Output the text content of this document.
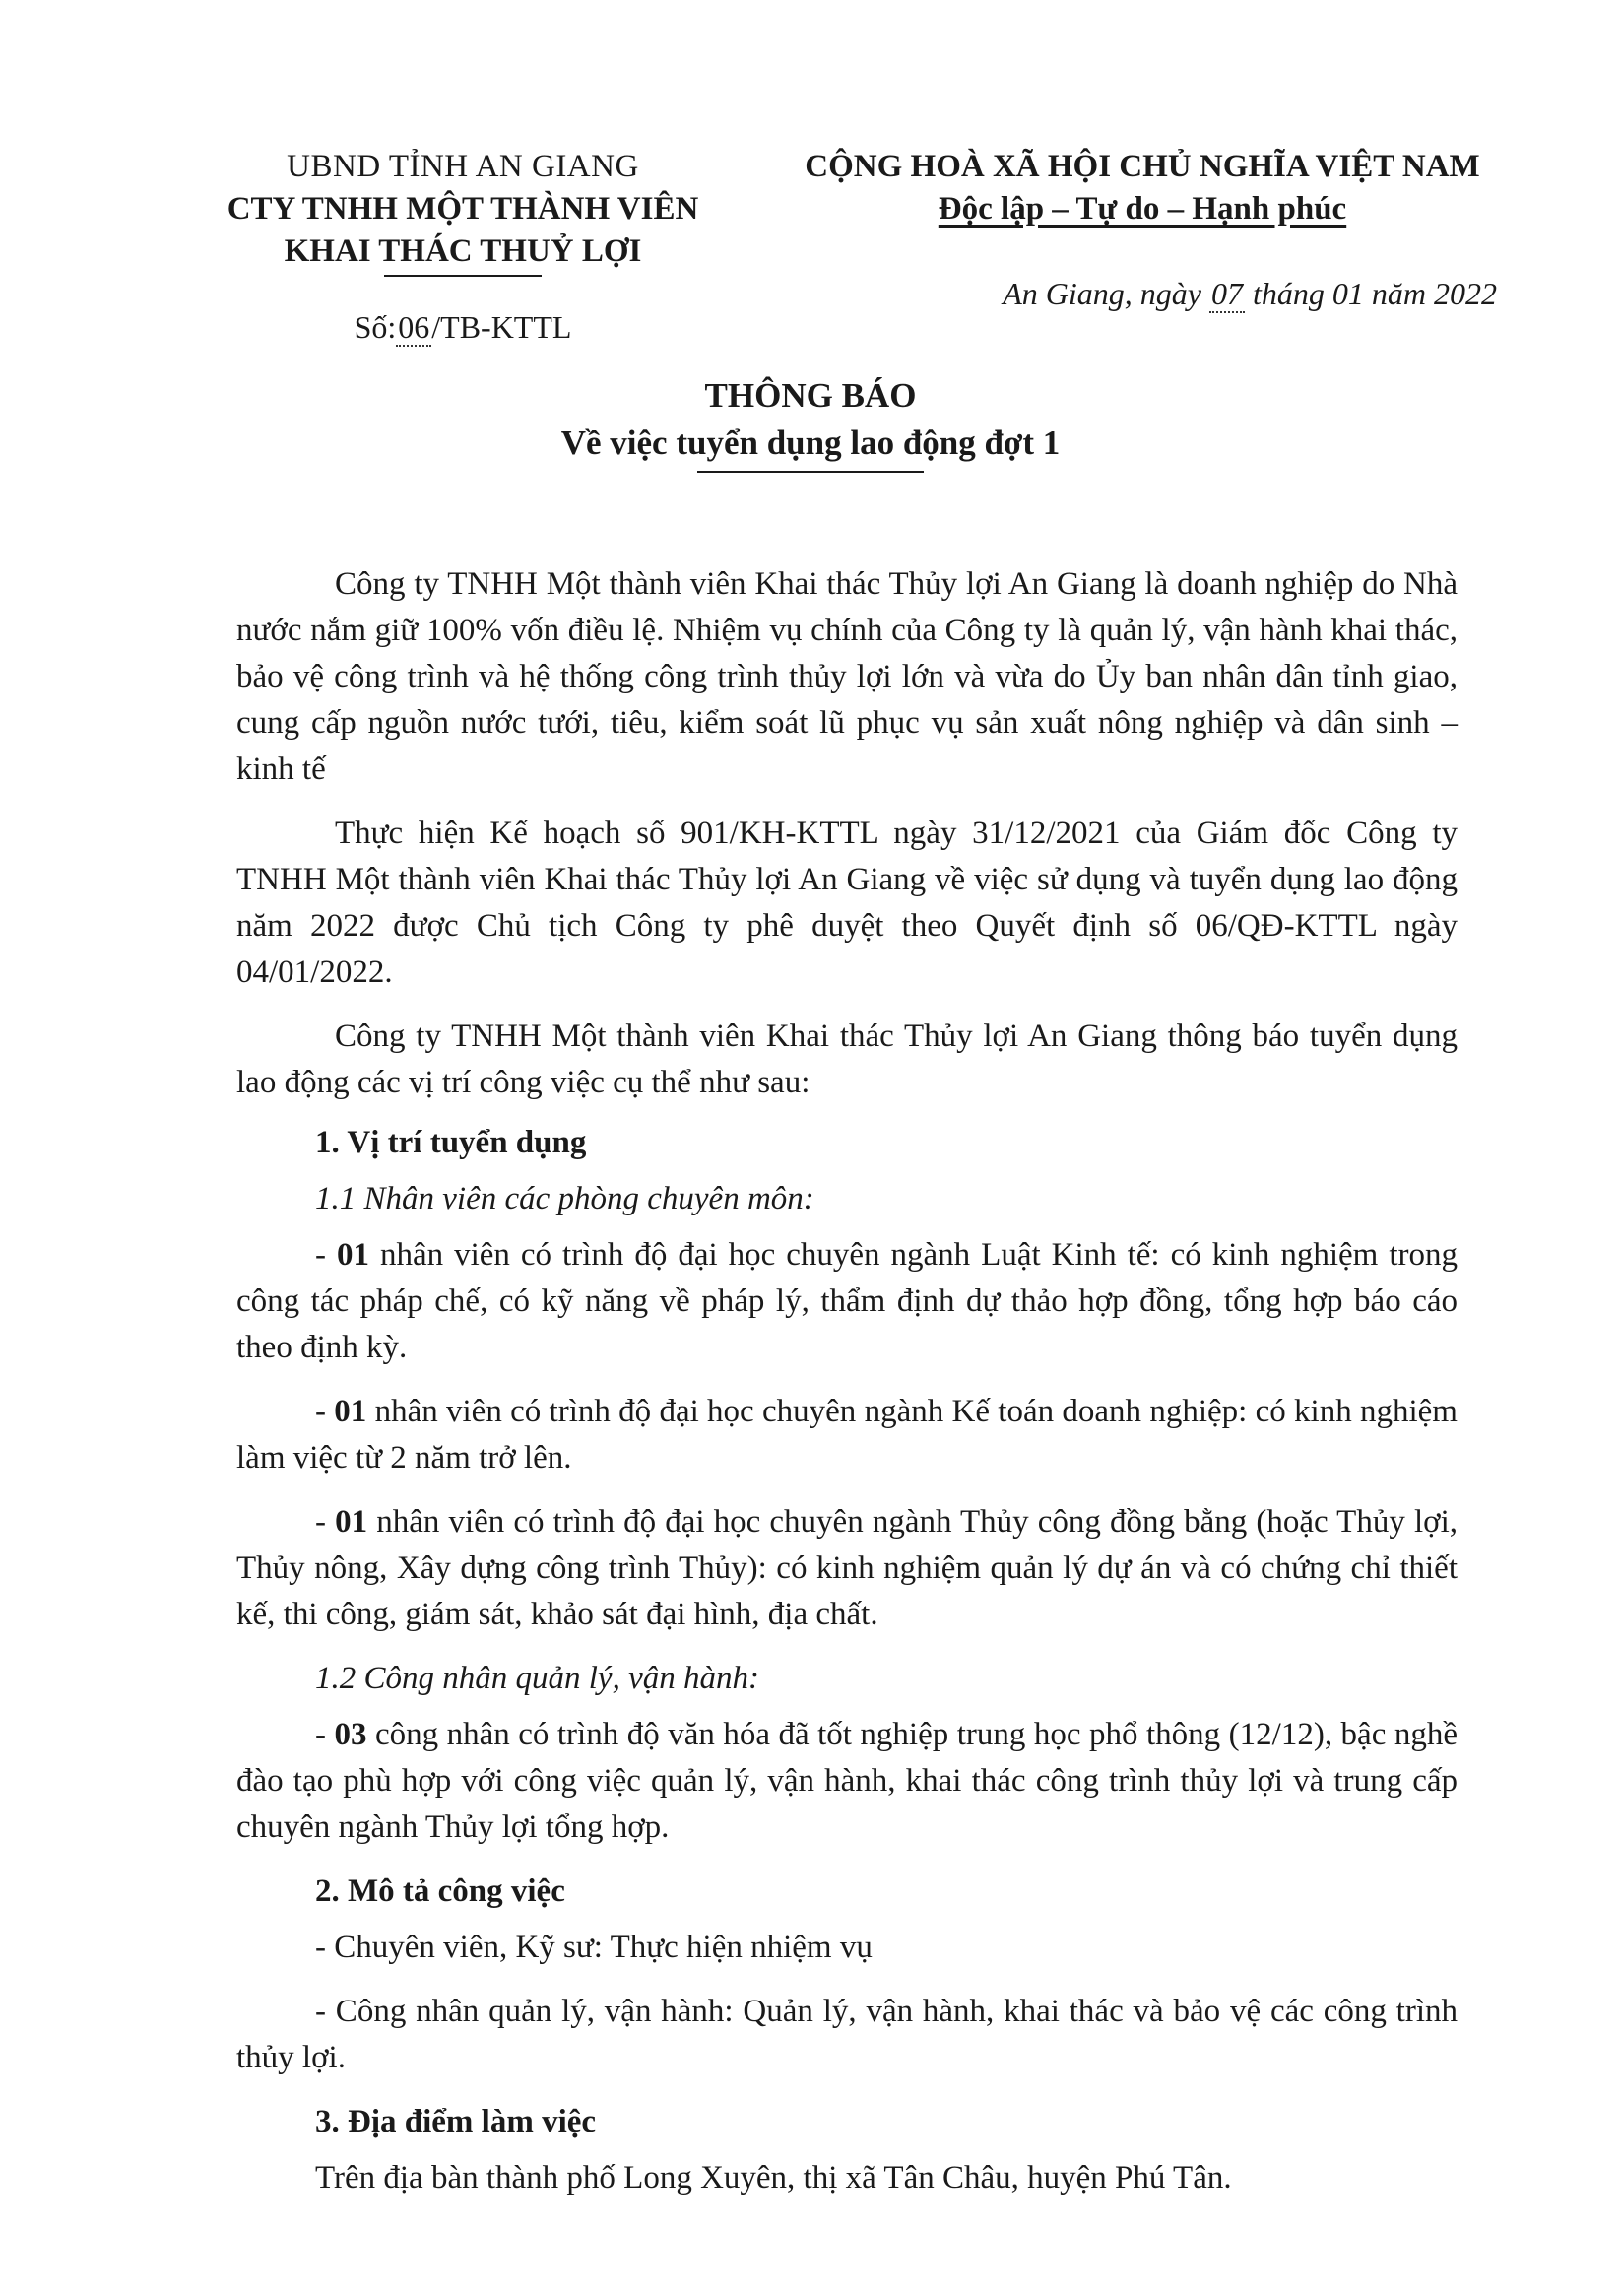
UBND TỈNH AN GIANG
CTY TNHH MỘT THÀNH VIÊN
KHAI THÁC THUỶ LỢI
Số:06/TB-KTTL
CỘNG HOÀ XÃ HỘI CHỦ NGHĨA VIỆT NAM
Độc lập – Tự do – Hạnh phúc
An Giang, ngày 07 tháng 01 năm 2022
THÔNG BÁO
Về việc tuyển dụng lao động đợt 1

Công ty TNHH Một thành viên Khai thác Thủy lợi An Giang là doanh nghiệp do Nhà nước nắm giữ 100% vốn điều lệ. Nhiệm vụ chính của Công ty là quản lý, vận hành khai thác, bảo vệ công trình và hệ thống công trình thủy lợi lớn và vừa do Ủy ban nhân dân tỉnh giao, cung cấp nguồn nước tưới, tiêu, kiểm soát lũ phục vụ sản xuất nông nghiệp và dân sinh – kinh tế

Thực hiện Kế hoạch số 901/KH-KTTL ngày 31/12/2021 của Giám đốc Công ty TNHH Một thành viên Khai thác Thủy lợi An Giang về việc sử dụng và tuyển dụng lao động năm 2022 được Chủ tịch Công ty phê duyệt theo Quyết định số 06/QĐ-KTTL ngày 04/01/2022.

Công ty TNHH Một thành viên Khai thác Thủy lợi An Giang thông báo tuyển dụng lao động các vị trí công việc cụ thể như sau:

1. Vị trí tuyển dụng

1.1 Nhân viên các phòng chuyên môn:

- 01 nhân viên có trình độ đại học chuyên ngành Luật Kinh tế: có kinh nghiệm trong công tác pháp chế, có kỹ năng về pháp lý, thẩm định dự thảo hợp đồng, tổng hợp báo cáo theo định kỳ.

- 01 nhân viên có trình độ đại học chuyên ngành Kế toán doanh nghiệp: có kinh nghiệm làm việc từ 2 năm trở lên.

- 01 nhân viên có trình độ đại học chuyên ngành Thủy công đồng bằng (hoặc Thủy lợi, Thủy nông, Xây dựng công trình Thủy): có kinh nghiệm quản lý dự án và có chứng chỉ thiết kế, thi công, giám sát, khảo sát đại hình, địa chất.

1.2 Công nhân quản lý, vận hành:

- 03 công nhân có trình độ văn hóa đã tốt nghiệp trung học phổ thông (12/12), bậc nghề đào tạo phù hợp với công việc quản lý, vận hành, khai thác công trình thủy lợi và trung cấp chuyên ngành Thủy lợi tổng hợp.

2. Mô tả công việc

- Chuyên viên, Kỹ sư: Thực hiện nhiệm vụ

- Công nhân quản lý, vận hành: Quản lý, vận hành, khai thác và bảo vệ các công trình thủy lợi.

3. Địa điểm làm việc

Trên địa bàn thành phố Long Xuyên, thị xã Tân Châu, huyện Phú Tân.
